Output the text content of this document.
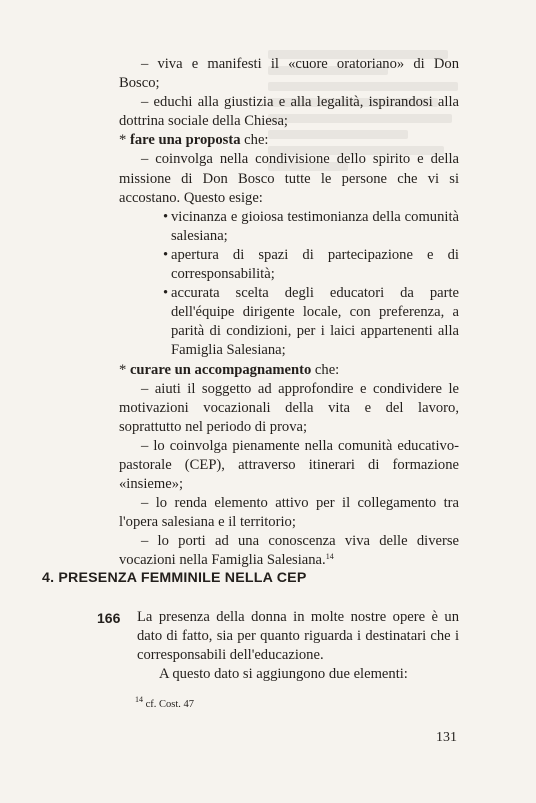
– viva e manifesti il «cuore oratoriano» di Don Bosco;

– educhi alla giustizia e alla legalità, ispirandosi alla dottrina sociale della Chiesa;

* fare una proposta che:

– coinvolga nella condivisione dello spirito e della missione di Don Bosco tutte le persone che vi si accostano. Questo esige:

• vicinanza e gioiosa testimonianza della comunità salesiana;
• apertura di spazi di partecipazione e di corresponsabilità;
• accurata scelta degli educatori da parte dell'équipe dirigente locale, con preferenza, a parità di condizioni, per i laici appartenenti alla Famiglia Salesiana;

* curare un accompagnamento che:

– aiuti il soggetto ad approfondire e condividere le motivazioni vocazionali della vita e del lavoro, soprattutto nel periodo di prova;

– lo coinvolga pienamente nella comunità educativo-pastorale (CEP), attraverso itinerari di formazione «insieme»;

– lo renda elemento attivo per il collegamento tra l'opera salesiana e il territorio;

– lo porti ad una conoscenza viva delle diverse vocazioni nella Famiglia Salesiana.$^{14}$

4. PRESENZA FEMMINILE NELLA CEP
166 La presenza della donna in molte nostre opere è un dato di fatto, sia per quanto riguarda i destinatari che i corresponsabili dell'educazione.

A questo dato si aggiungono due elementi:

$^{14}$ cf. Cost. 47
131
